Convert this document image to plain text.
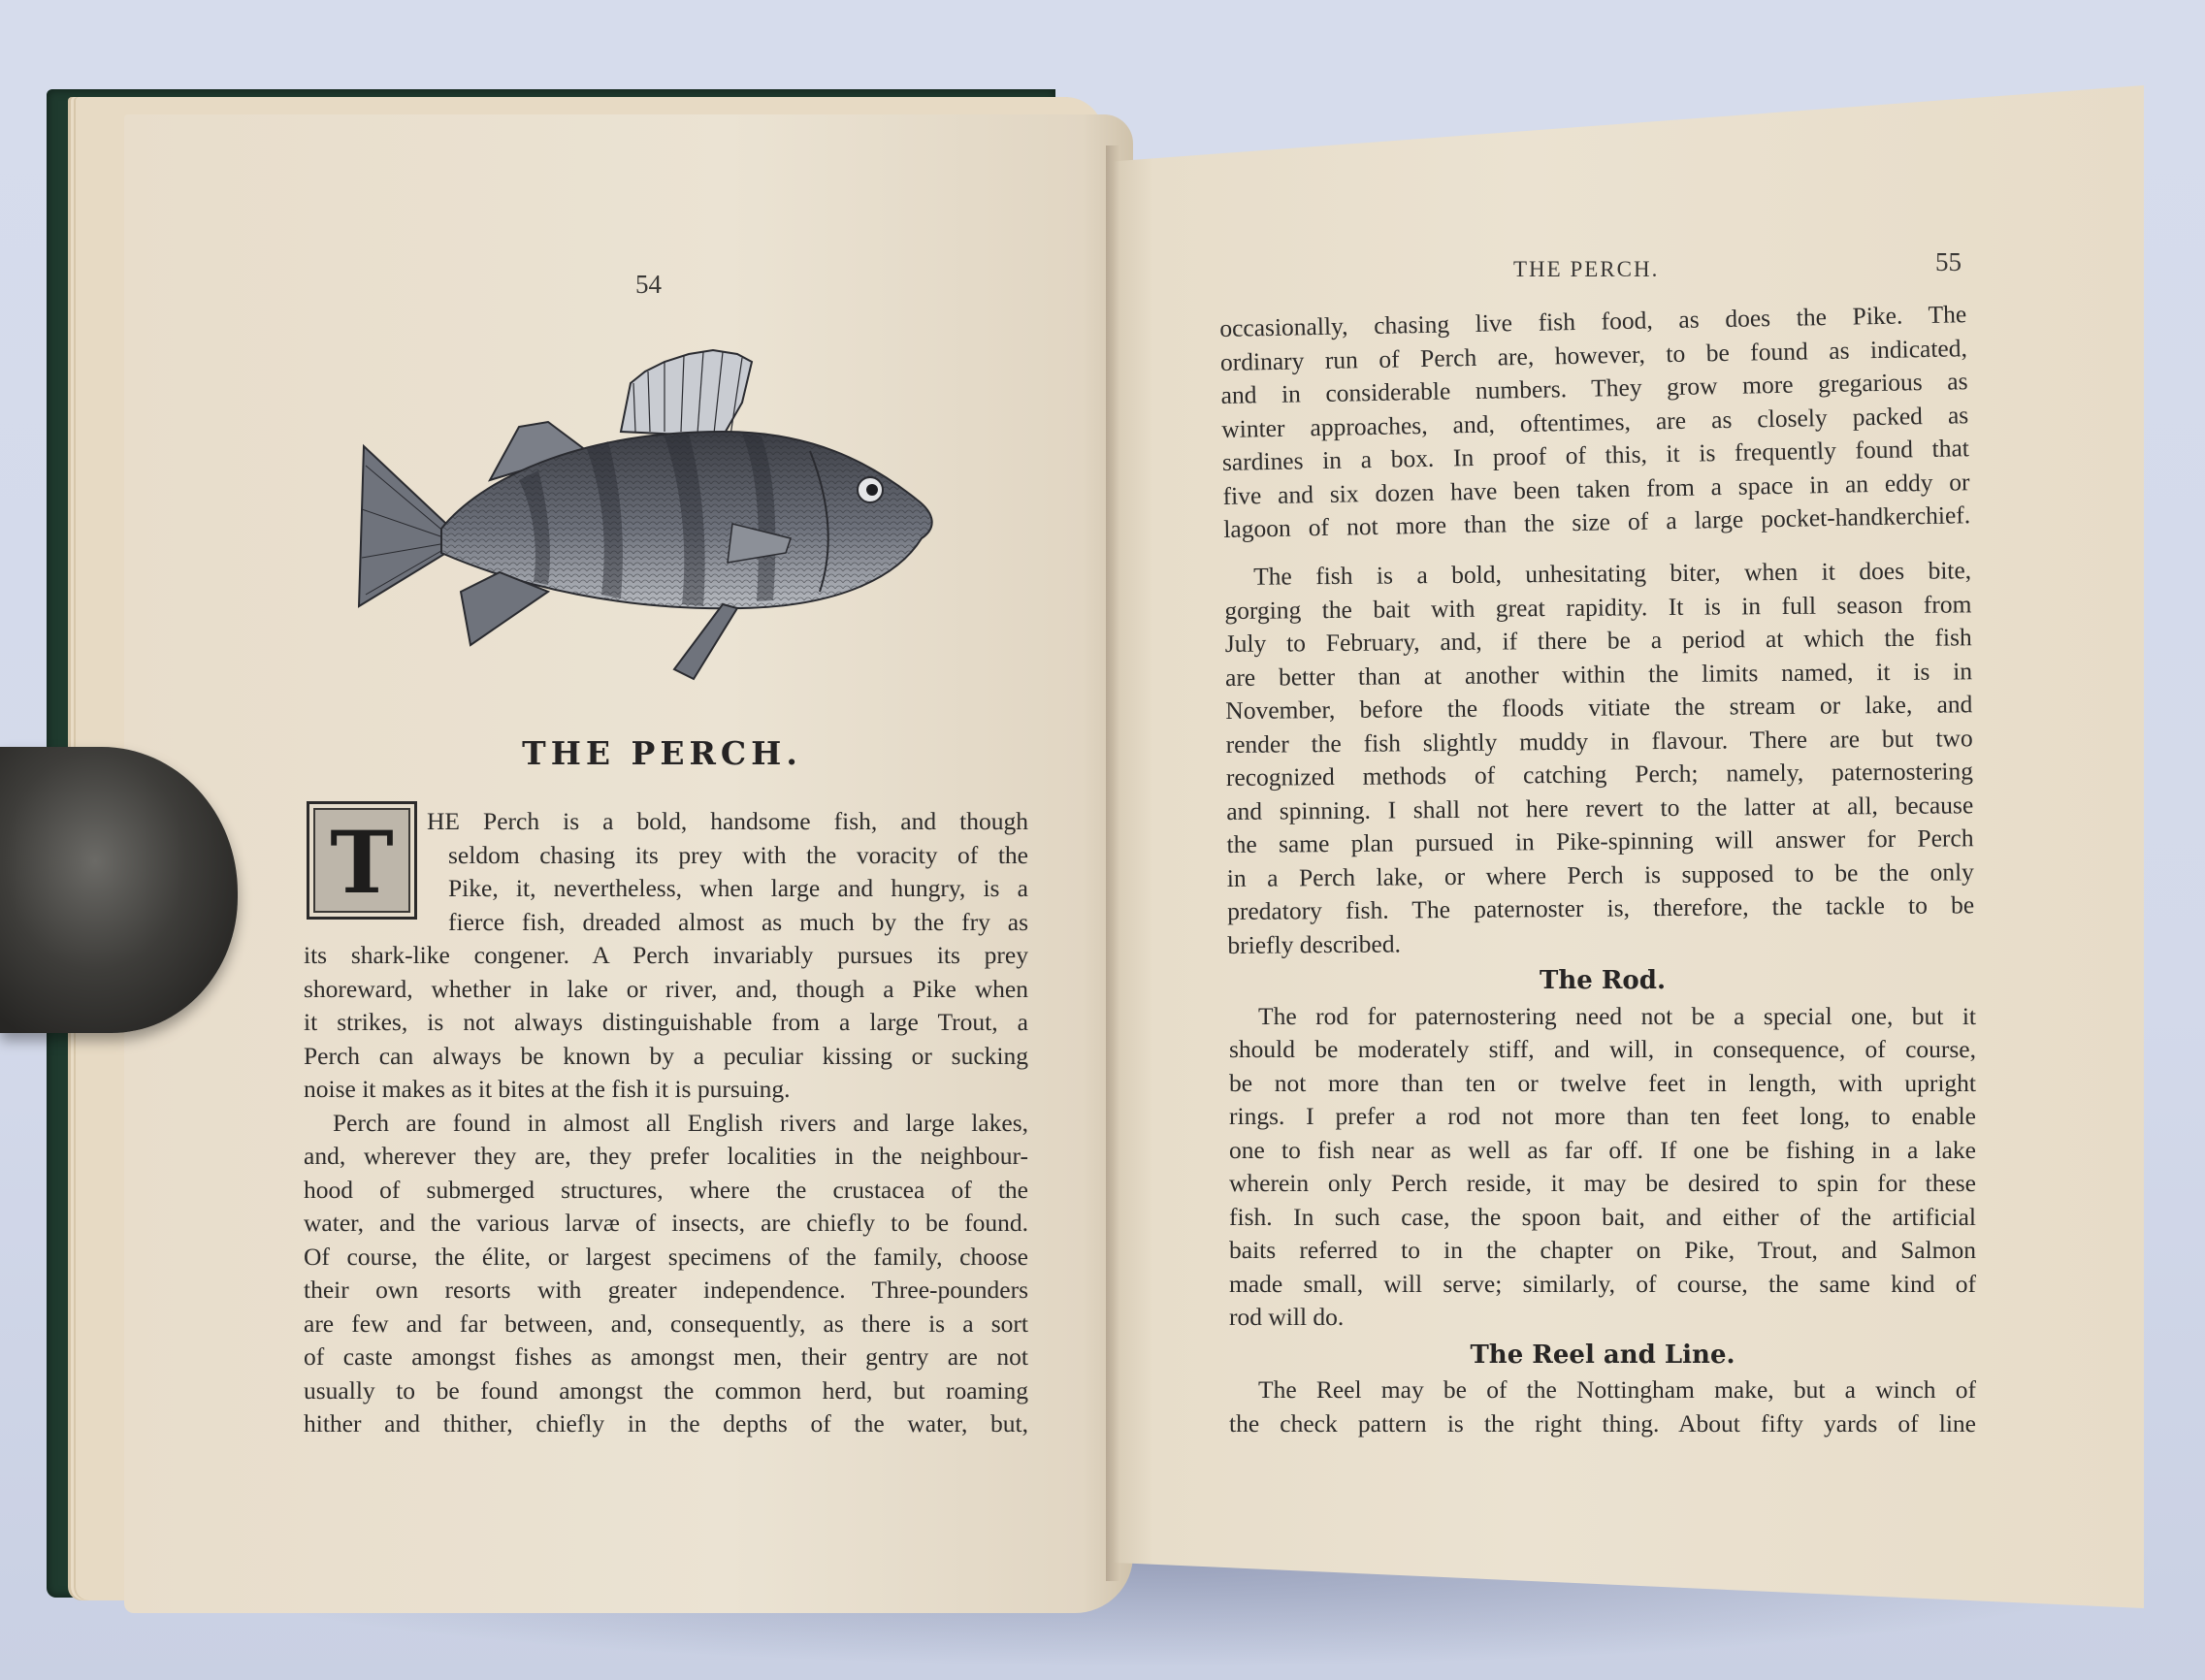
54
THE PERCH.
T	HE Perch is a bold, handsome fish, and though
seldom chasing its prey with the voracity of the
Pike, it, nevertheless, when large and hungry, is a
fierce fish, dreaded almost as much by the fry as
its shark-like congener. A Perch invariably pursues its prey
shoreward, whether in lake or river, and, though a Pike when
it strikes, is not always distinguishable from a large Trout, a
Perch can always be known by a peculiar kissing or sucking
noise it makes as it bites at the fish it is pursuing.
Perch are found in almost all English rivers and large lakes,
and, wherever they are, they prefer localities in the neighbour-
hood of submerged structures, where the crustacea of the
water, and the various larvæ of insects, are chiefly to be found.
Of course, the élite, or largest specimens of the family, choose
their own resorts with greater independence. Three-pounders
are few and far between, and, consequently, as there is a sort
of caste amongst fishes as amongst men, their gentry are not
usually to be found amongst the common herd, but roaming
hither and thither, chiefly in the depths of the water, but,
THE PERCH.	55
occasionally, chasing live fish food, as does the Pike. The
ordinary run of Perch are, however, to be found as indicated,
and in considerable numbers. They grow more gregarious as
winter approaches, and, oftentimes, are as closely packed as
sardines in a box. In proof of this, it is frequently found that
five and six dozen have been taken from a space in an eddy or
lagoon of not more than the size of a large pocket-handkerchief.
The fish is a bold, unhesitating biter, when it does bite,
gorging the bait with great rapidity. It is in full season from
July to February, and, if there be a period at which the fish
are better than at another within the limits named, it is in
November, before the floods vitiate the stream or lake, and
render the fish slightly muddy in flavour. There are but two
recognized methods of catching Perch; namely, paternostering
and spinning. I shall not here revert to the latter at all, because
the same plan pursued in Pike-spinning will answer for Perch
in a Perch lake, or where Perch is supposed to be the only
predatory fish. The paternoster is, therefore, the tackle to be
briefly described.
The Rod.
The rod for paternostering need not be a special one, but it
should be moderately stiff, and will, in consequence, of course,
be not more than ten or twelve feet in length, with upright
rings. I prefer a rod not more than ten feet long, to enable
one to fish near as well as far off. If one be fishing in a lake
wherein only Perch reside, it may be desired to spin for these
fish. In such case, the spoon bait, and either of the artificial
baits referred to in the chapter on Pike, Trout, and Salmon
made small, will serve; similarly, of course, the same kind of
rod will do.
The Reel and Line.
The Reel may be of the Nottingham make, but a winch of
the check pattern is the right thing. About fifty yards of line
